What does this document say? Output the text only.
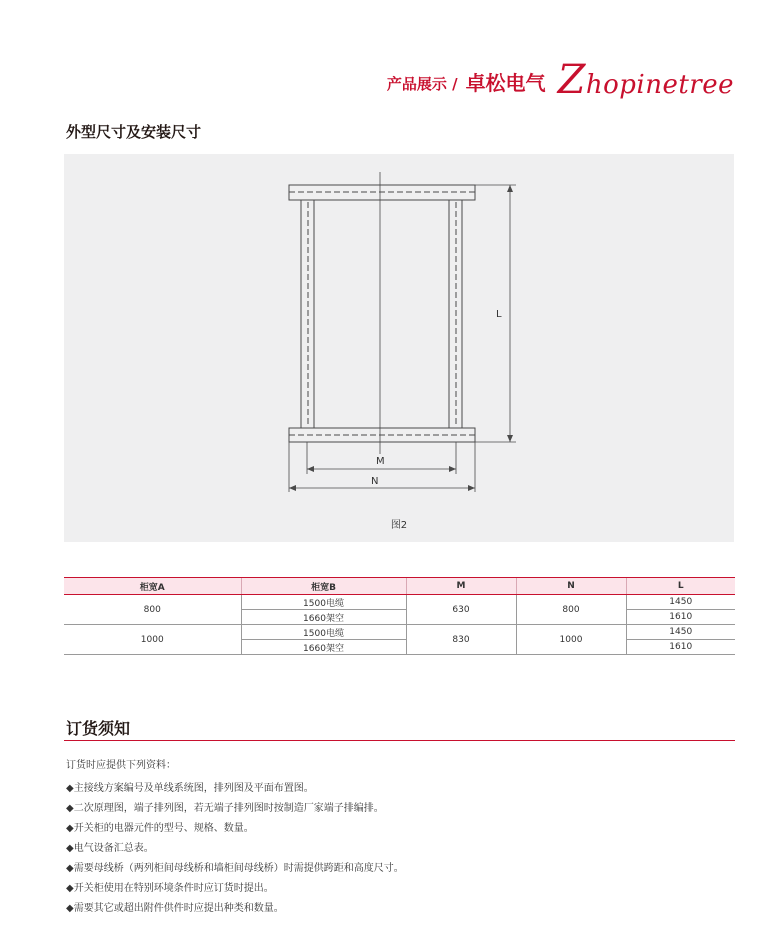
产品展示 / 卓松电气 Zhopinetree
外型尺寸及安装尺寸
L
M
N
图2
柜宽A	柜宽B	M	N	L
800	1500电缆	630	800	1450
	1660架空			1610
1000	1500电缆	830	1000	1450
	1660架空			1610
订货须知
订货时应提供下列资料：
◆主接线方案编号及单线系统图，排列图及平面布置图。
◆二次原理图，端子排列图，若无端子排列图时按制造厂家端子排编排。
◆开关柜的电器元件的型号、规格、数量。
◆电气设备汇总表。
◆需要母线桥（两列柜间母线桥和墙柜间母线桥）时需提供跨距和高度尺寸。
◆开关柜使用在特别环境条件时应订货时提出。
◆需要其它或超出附件供件时应提出种类和数量。
